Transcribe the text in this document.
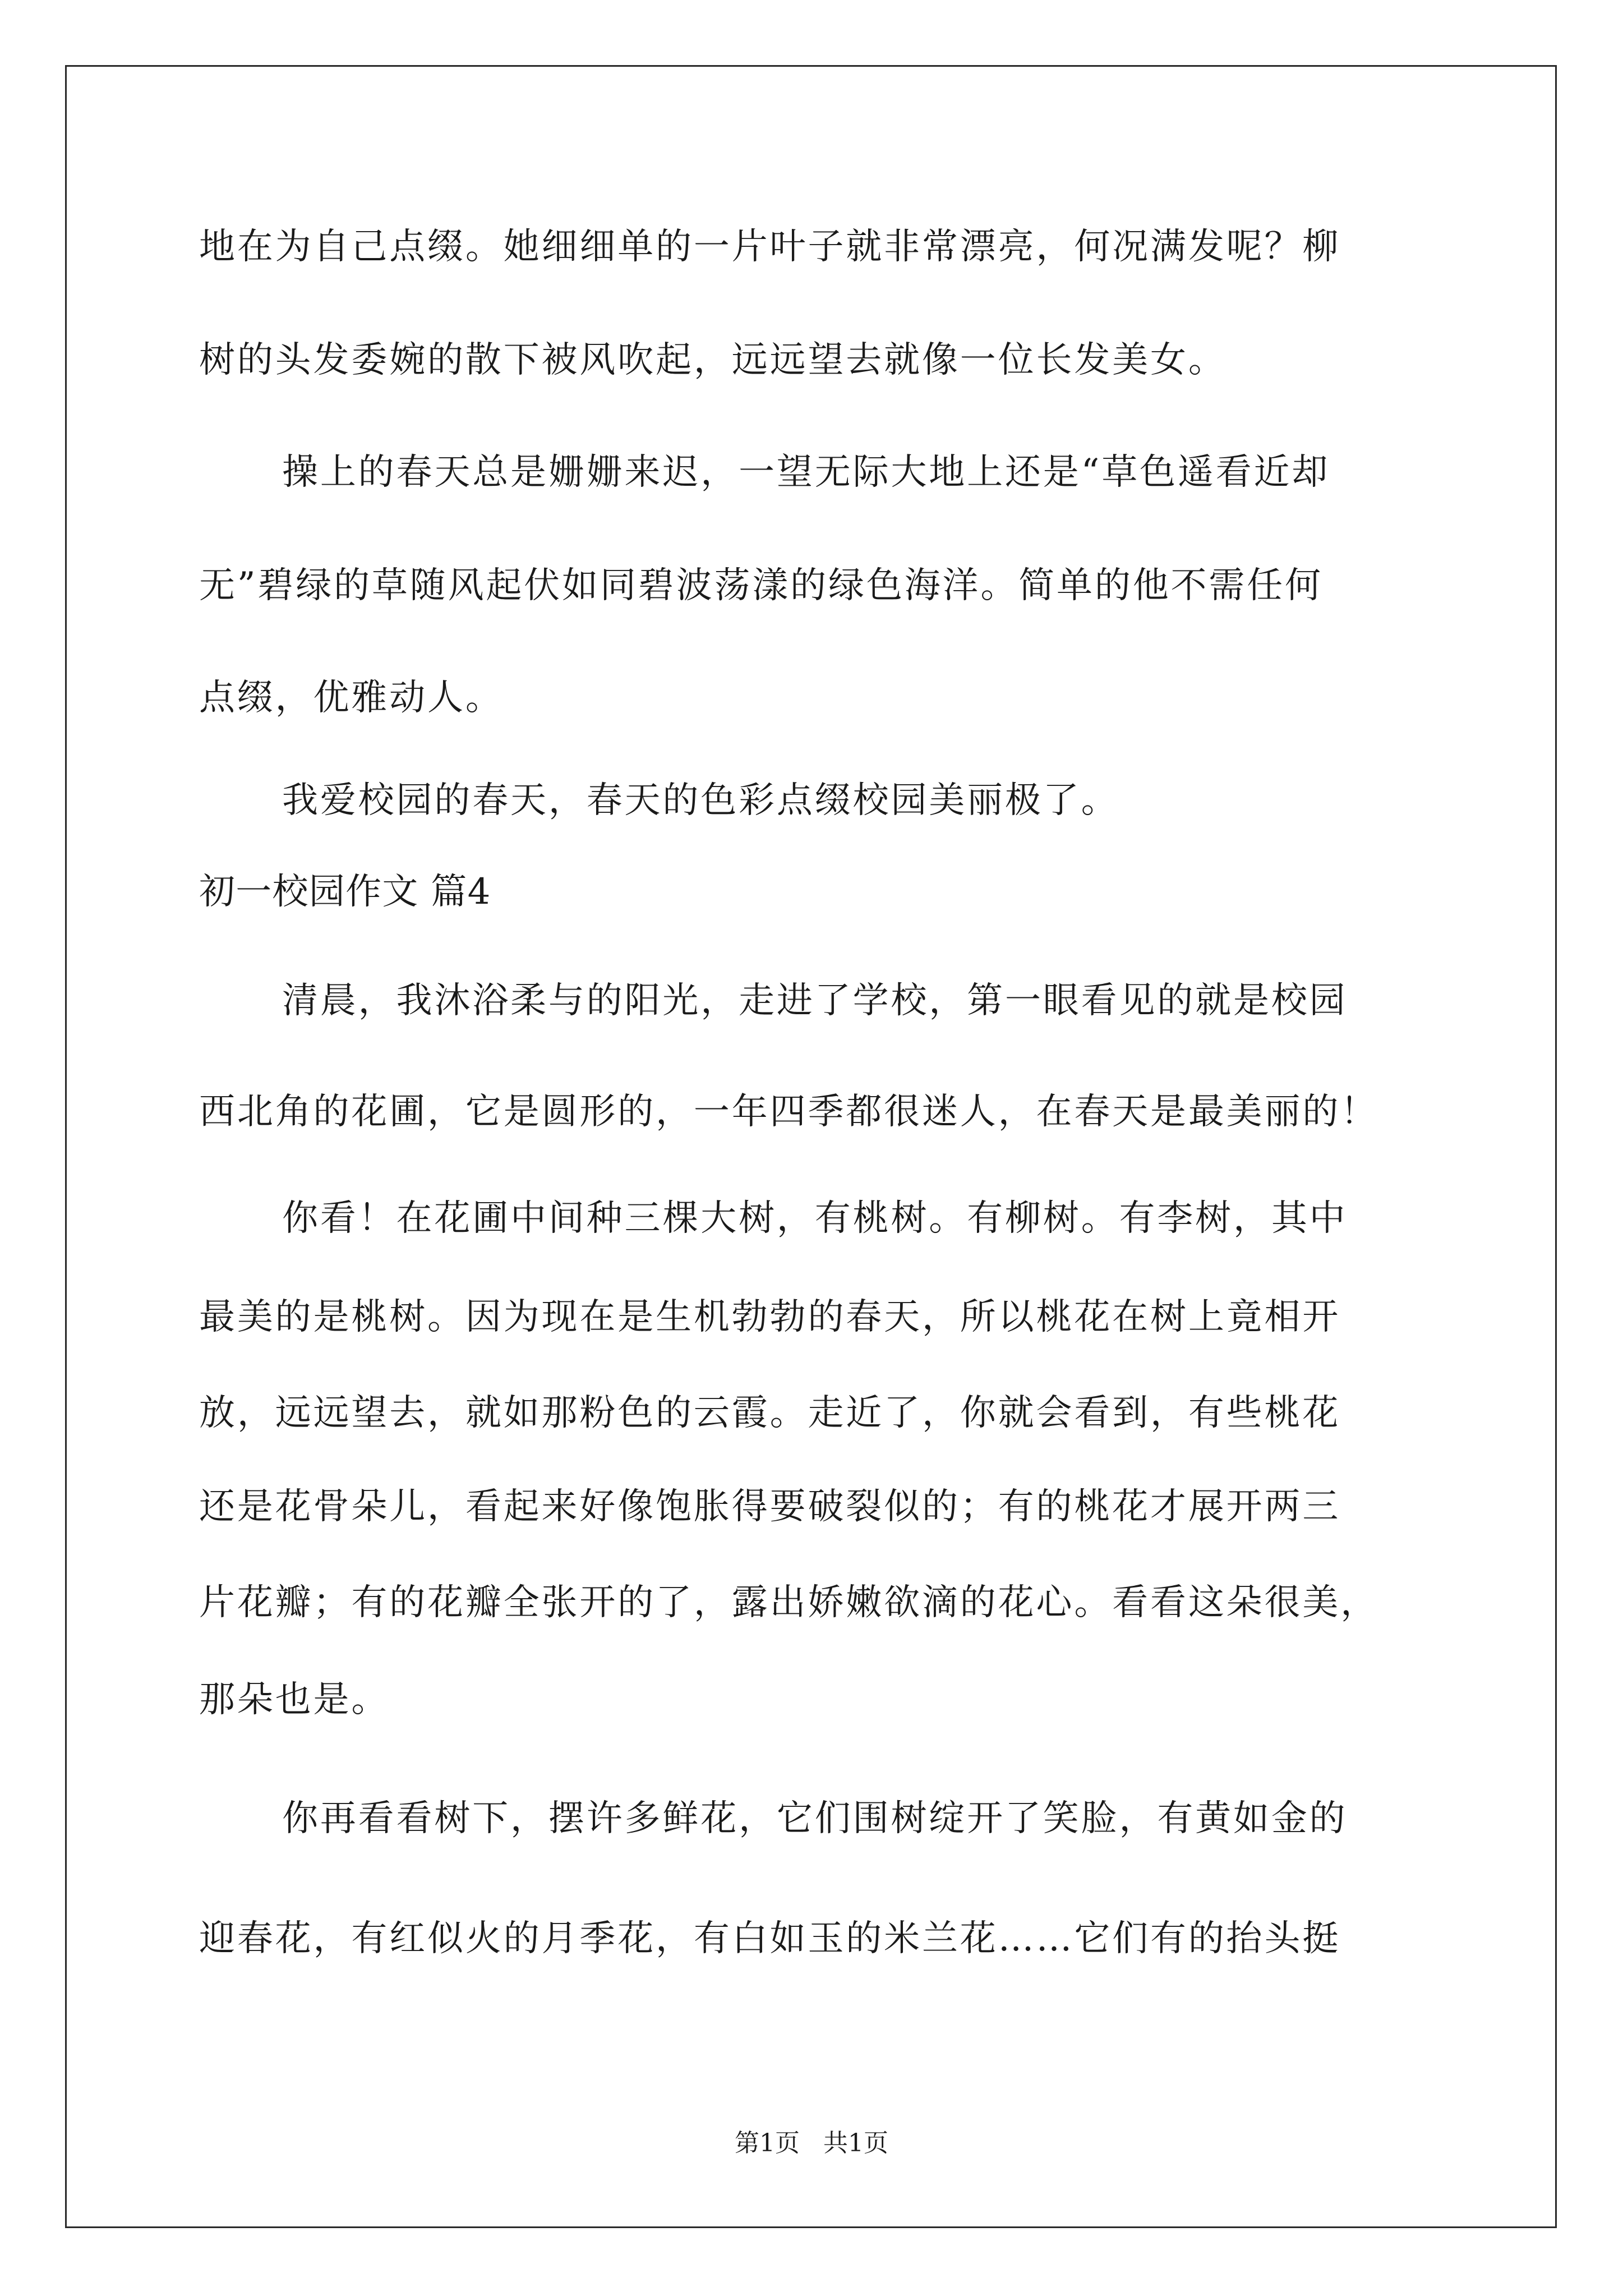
地在为自己点缀。她细细单的一片叶子就非常漂亮，何况满发呢？柳
树的头发委婉的散下被风吹起，远远望去就像一位长发美女。
操上的春天总是姗姗来迟，一望无际大地上还是“草色遥看近却
无”碧绿的草随风起伏如同碧波荡漾的绿色海洋。简单的他不需任何
点缀，优雅动人。
我爱校园的春天，春天的色彩点缀校园美丽极了。
初一校园作文 篇4
清晨，我沐浴柔与的阳光，走进了学校，第一眼看见的就是校园
西北角的花圃，它是圆形的，一年四季都很迷人，在春天是最美丽的！
你看！在花圃中间种三棵大树，有桃树。有柳树。有李树，其中
最美的是桃树。因为现在是生机勃勃的春天，所以桃花在树上竟相开
放，远远望去，就如那粉色的云霞。走近了，你就会看到，有些桃花
还是花骨朵儿，看起来好像饱胀得要破裂似的；有的桃花才展开两三
片花瓣；有的花瓣全张开的了，露出娇嫩欲滴的花心。看看这朵很美，
那朵也是。
你再看看树下，摆许多鲜花，它们围树绽开了笑脸，有黄如金的
迎春花，有红似火的月季花，有白如玉的米兰花……它们有的抬头挺
第1页   共1页
